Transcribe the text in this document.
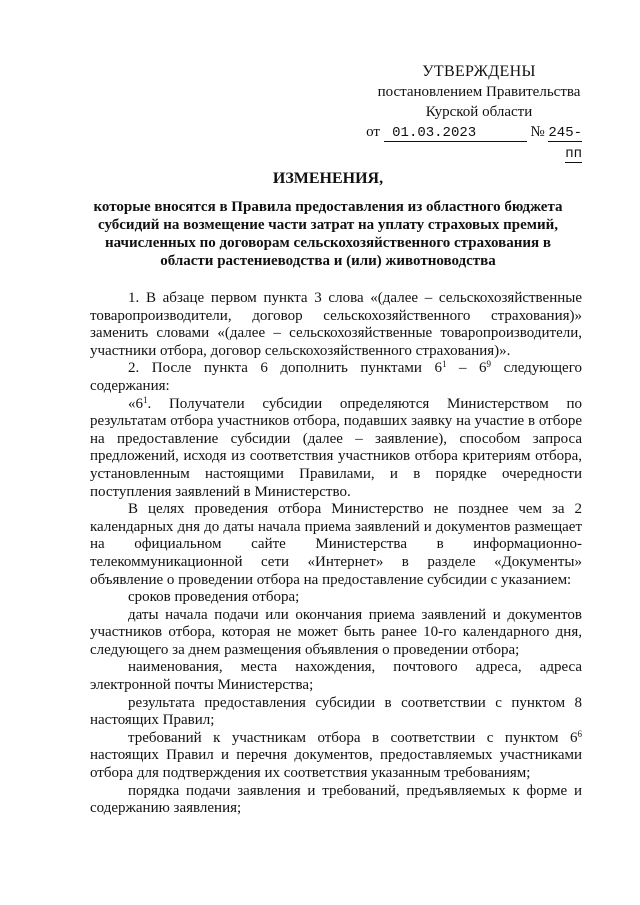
УТВЕРЖДЕНЫ
постановлением Правительства
Курской области
от 01.03.2023	№ 245-пп
ИЗМЕНЕНИЯ,
которые вносятся в Правила предоставления из областного бюджета субсидий на возмещение части затрат на уплату страховых премий, начисленных по договорам сельскохозяйственного страхования в области растениеводства и (или) животноводства

1. В абзаце первом пункта 3 слова «(далее – сельскохозяйственные товаропроизводители, договор сельскохозяйственного страхования)» заменить словами «(далее – сельскохозяйственные товаропроизводители, участники отбора, договор сельскохозяйственного страхования)».

2. После пункта 6 дополнить пунктами $6^1 - 6^9$ следующего содержания:

«$6^1$. Получатели субсидии определяются Министерством по результатам отбора участников отбора, подавших заявку на участие в отборе на предоставление субсидии (далее – заявление), способом запроса предложений, исходя из соответствия участников отбора критериям отбора, установленным настоящими Правилами, и в порядке очередности поступления заявлений в Министерство.

В целях проведения отбора Министерство не позднее чем за 2 календарных дня до даты начала приема заявлений и документов размещает на официальном сайте Министерства в информационно-телекоммуникационной сети «Интернет» в разделе «Документы» объявление о проведении отбора на предоставление субсидии с указанием:

сроков проведения отбора;

даты начала подачи или окончания приема заявлений и документов участников отбора, которая не может быть ранее 10-го календарного дня, следующего за днем размещения объявления о проведении отбора;

наименования, места нахождения, почтового адреса, адреса электронной почты Министерства;

результата предоставления субсидии в соответствии с пунктом 8 настоящих Правил;

требований к участникам отбора в соответствии с пунктом $6^6$ настоящих Правил и перечня документов, предоставляемых участниками отбора для подтверждения их соответствия указанным требованиям;

порядка подачи заявления и требований, предъявляемых к форме и содержанию заявления;
